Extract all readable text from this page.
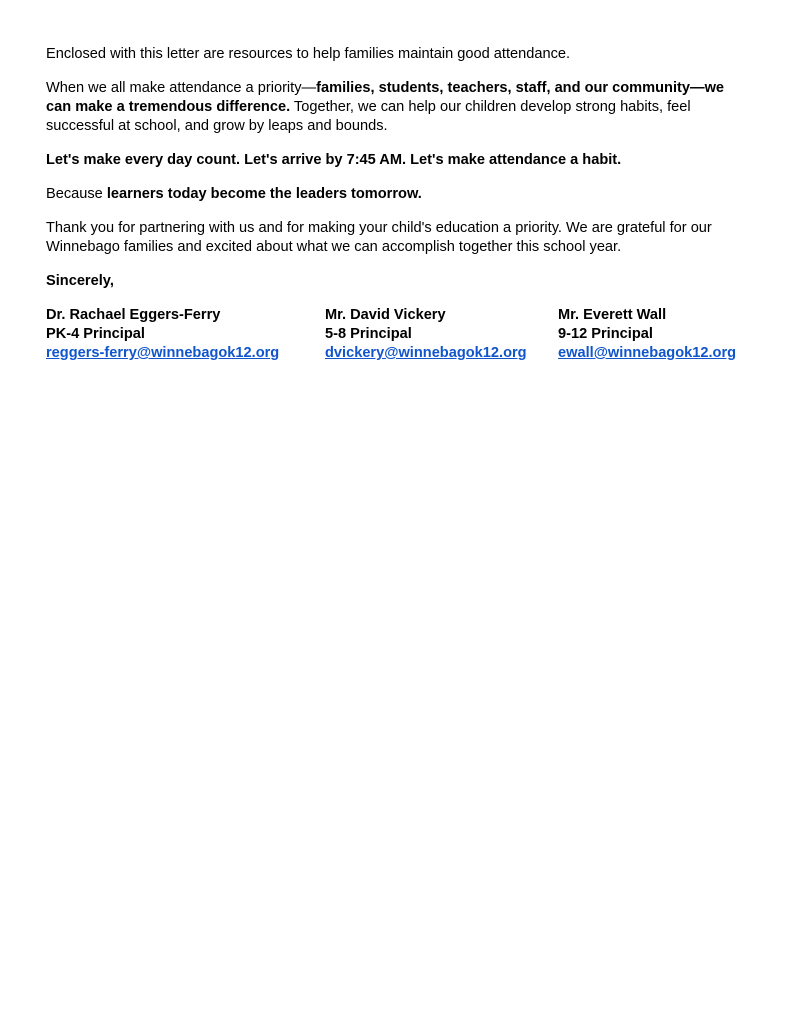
Enclosed with this letter are resources to help families maintain good attendance.

When we all make attendance a priority—families, students, teachers, staff, and our community—we can make a tremendous difference. Together, we can help our children develop strong habits, feel successful at school, and grow by leaps and bounds.

Let's make every day count. Let's arrive by 7:45 AM. Let's make attendance a habit.

Because learners today become the leaders tomorrow.

Thank you for partnering with us and for making your child's education a priority. We are grateful for our Winnebago families and excited about what we can accomplish together this school year.

Sincerely,

Dr. Rachael Eggers-Ferry
PK-4 Principal
reggers-ferry@winnebagok12.org
Mr. David Vickery
5-8 Principal
dvickery@winnebagok12.org
Mr. Everett Wall
9-12 Principal
ewall@winnebagok12.org
